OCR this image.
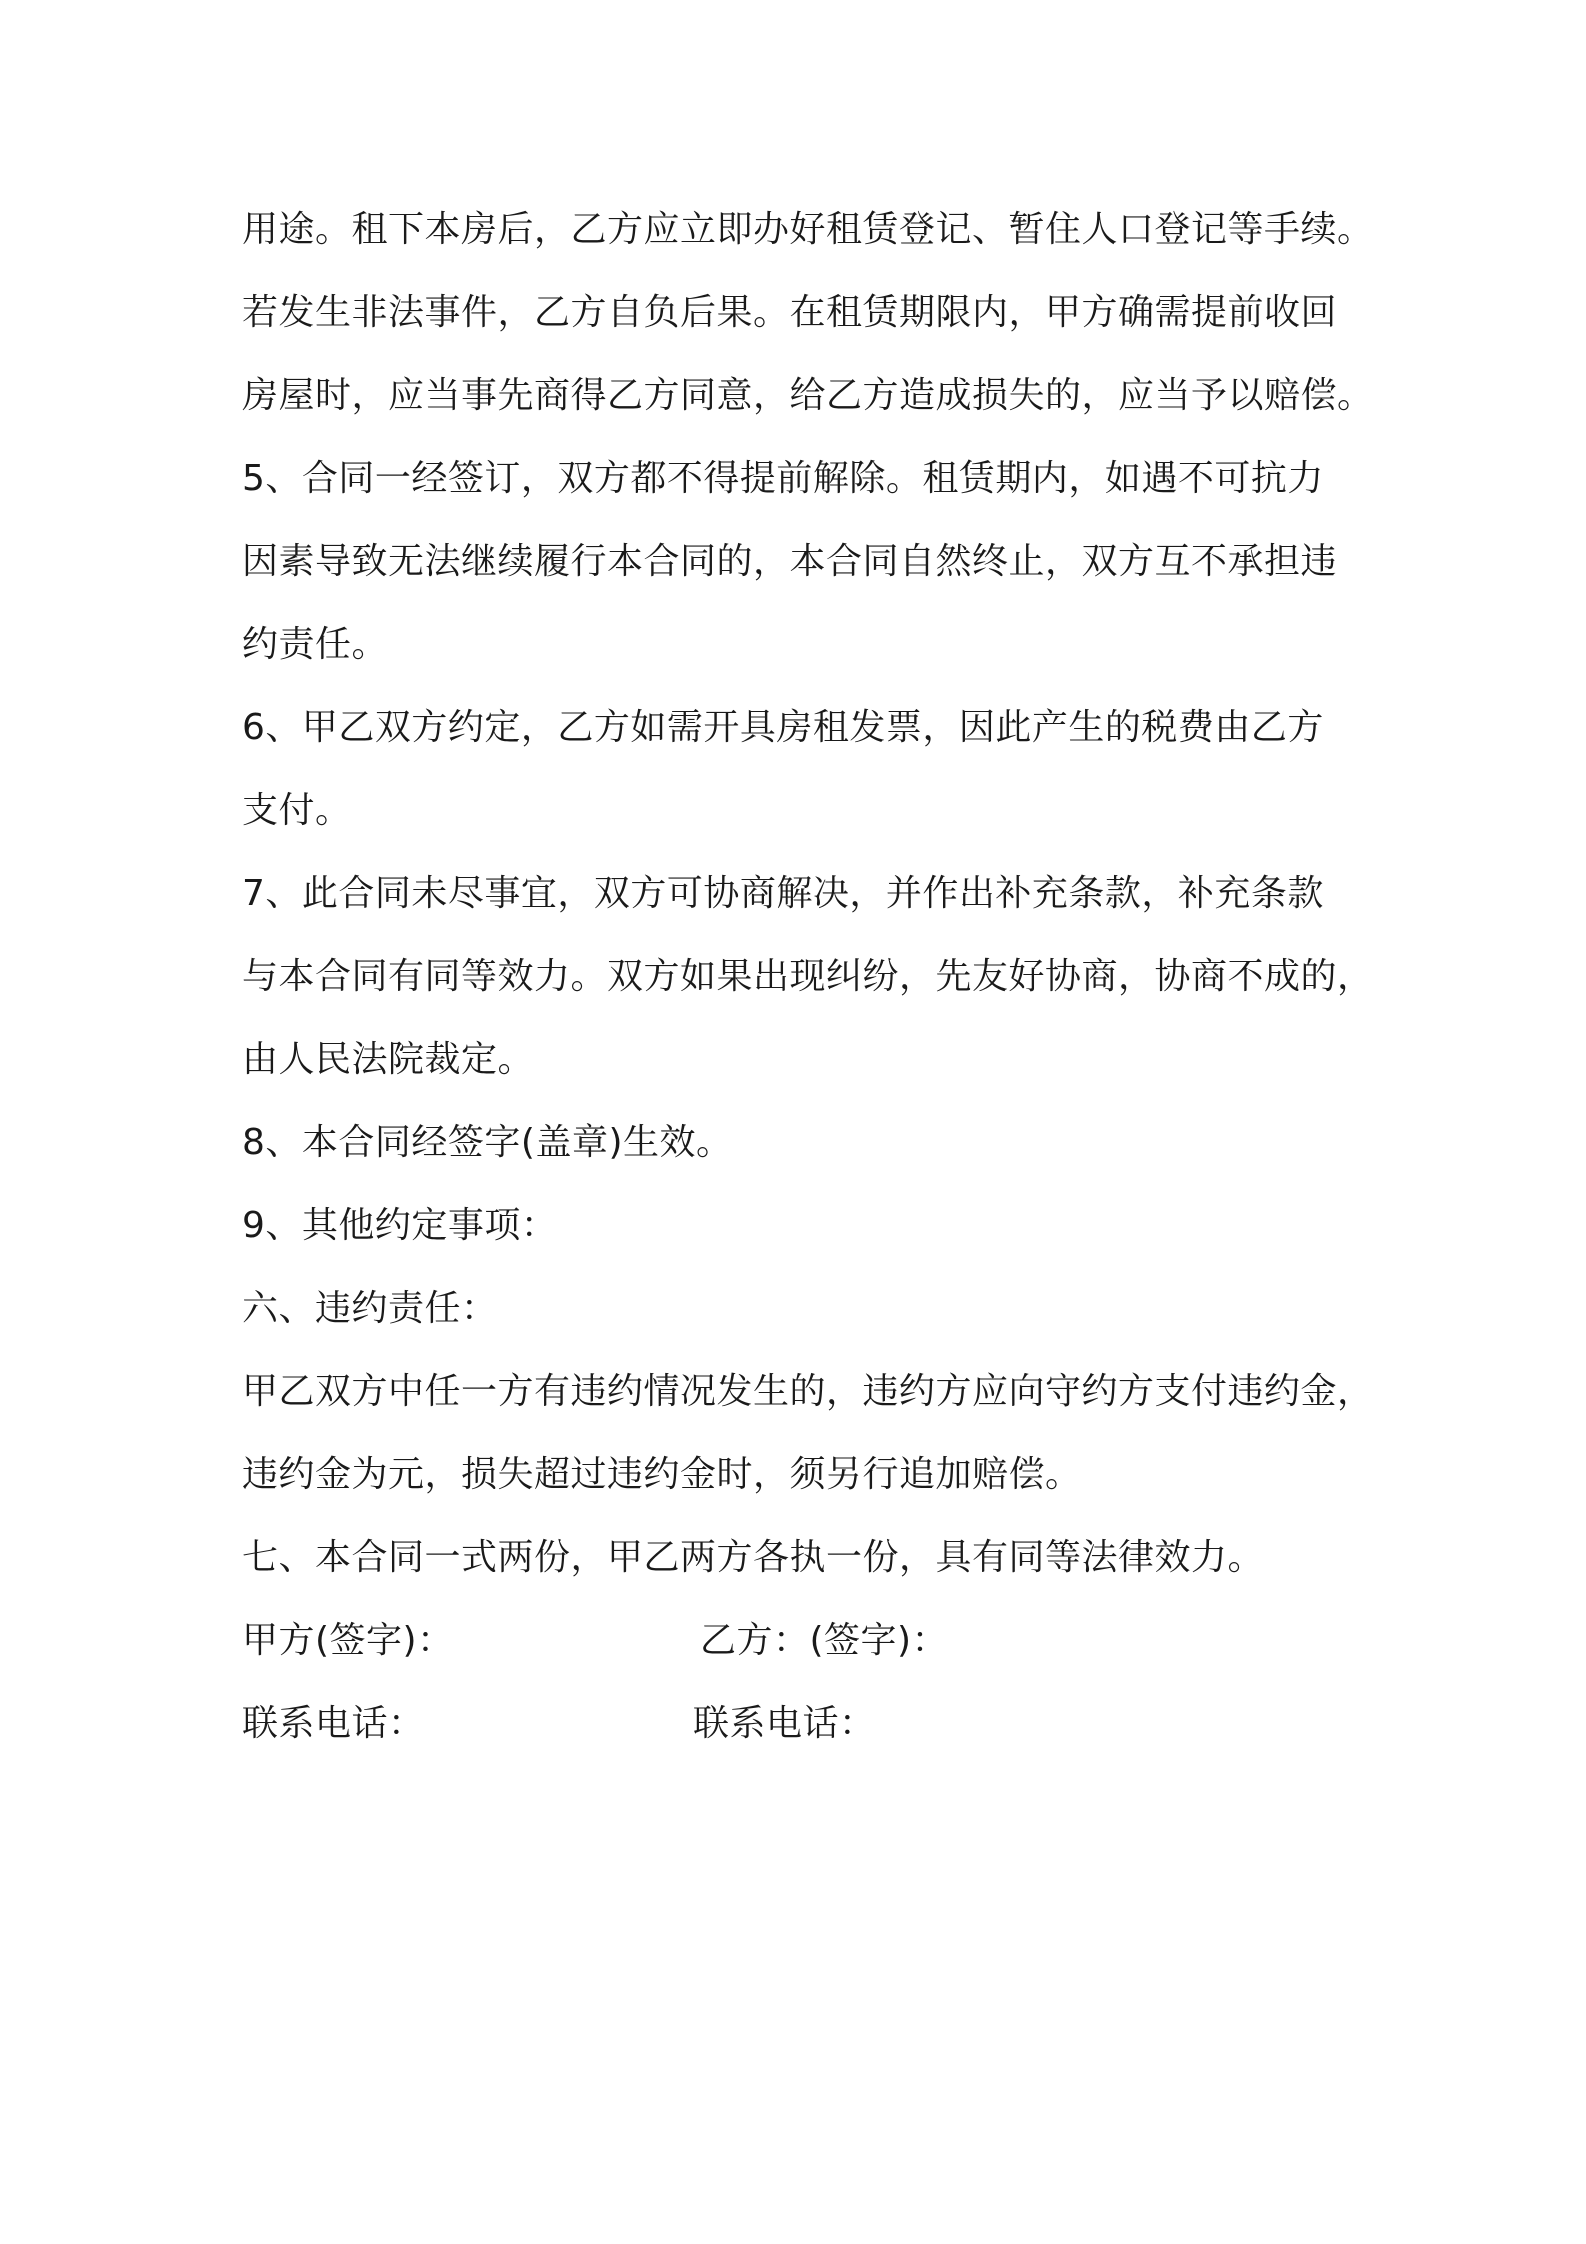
用途。租下本房后，乙方应立即办好租赁登记、暂住人口登记等手续。
若发生非法事件，乙方自负后果。在租赁期限内，甲方确需提前收回
房屋时，应当事先商得乙方同意，给乙方造成损失的，应当予以赔偿。
5、合同一经签订，双方都不得提前解除。租赁期内，如遇不可抗力
因素导致无法继续履行本合同的，本合同自然终止，双方互不承担违
约责任。
6、甲乙双方约定，乙方如需开具房租发票，因此产生的税费由乙方
支付。
7、此合同未尽事宜，双方可协商解决，并作出补充条款，补充条款
与本合同有同等效力。双方如果出现纠纷，先友好协商，协商不成的，
由人民法院裁定。
8、本合同经签字(盖章)生效。
9、其他约定事项：
六、违约责任：
甲乙双方中任一方有违约情况发生的，违约方应向守约方支付违约金，
违约金为元，损失超过违约金时，须另行追加赔偿。
七、本合同一式两份，甲乙两方各执一份，具有同等法律效力。
甲方(签字)：	乙方：(签字)：
联系电话：	联系电话：
